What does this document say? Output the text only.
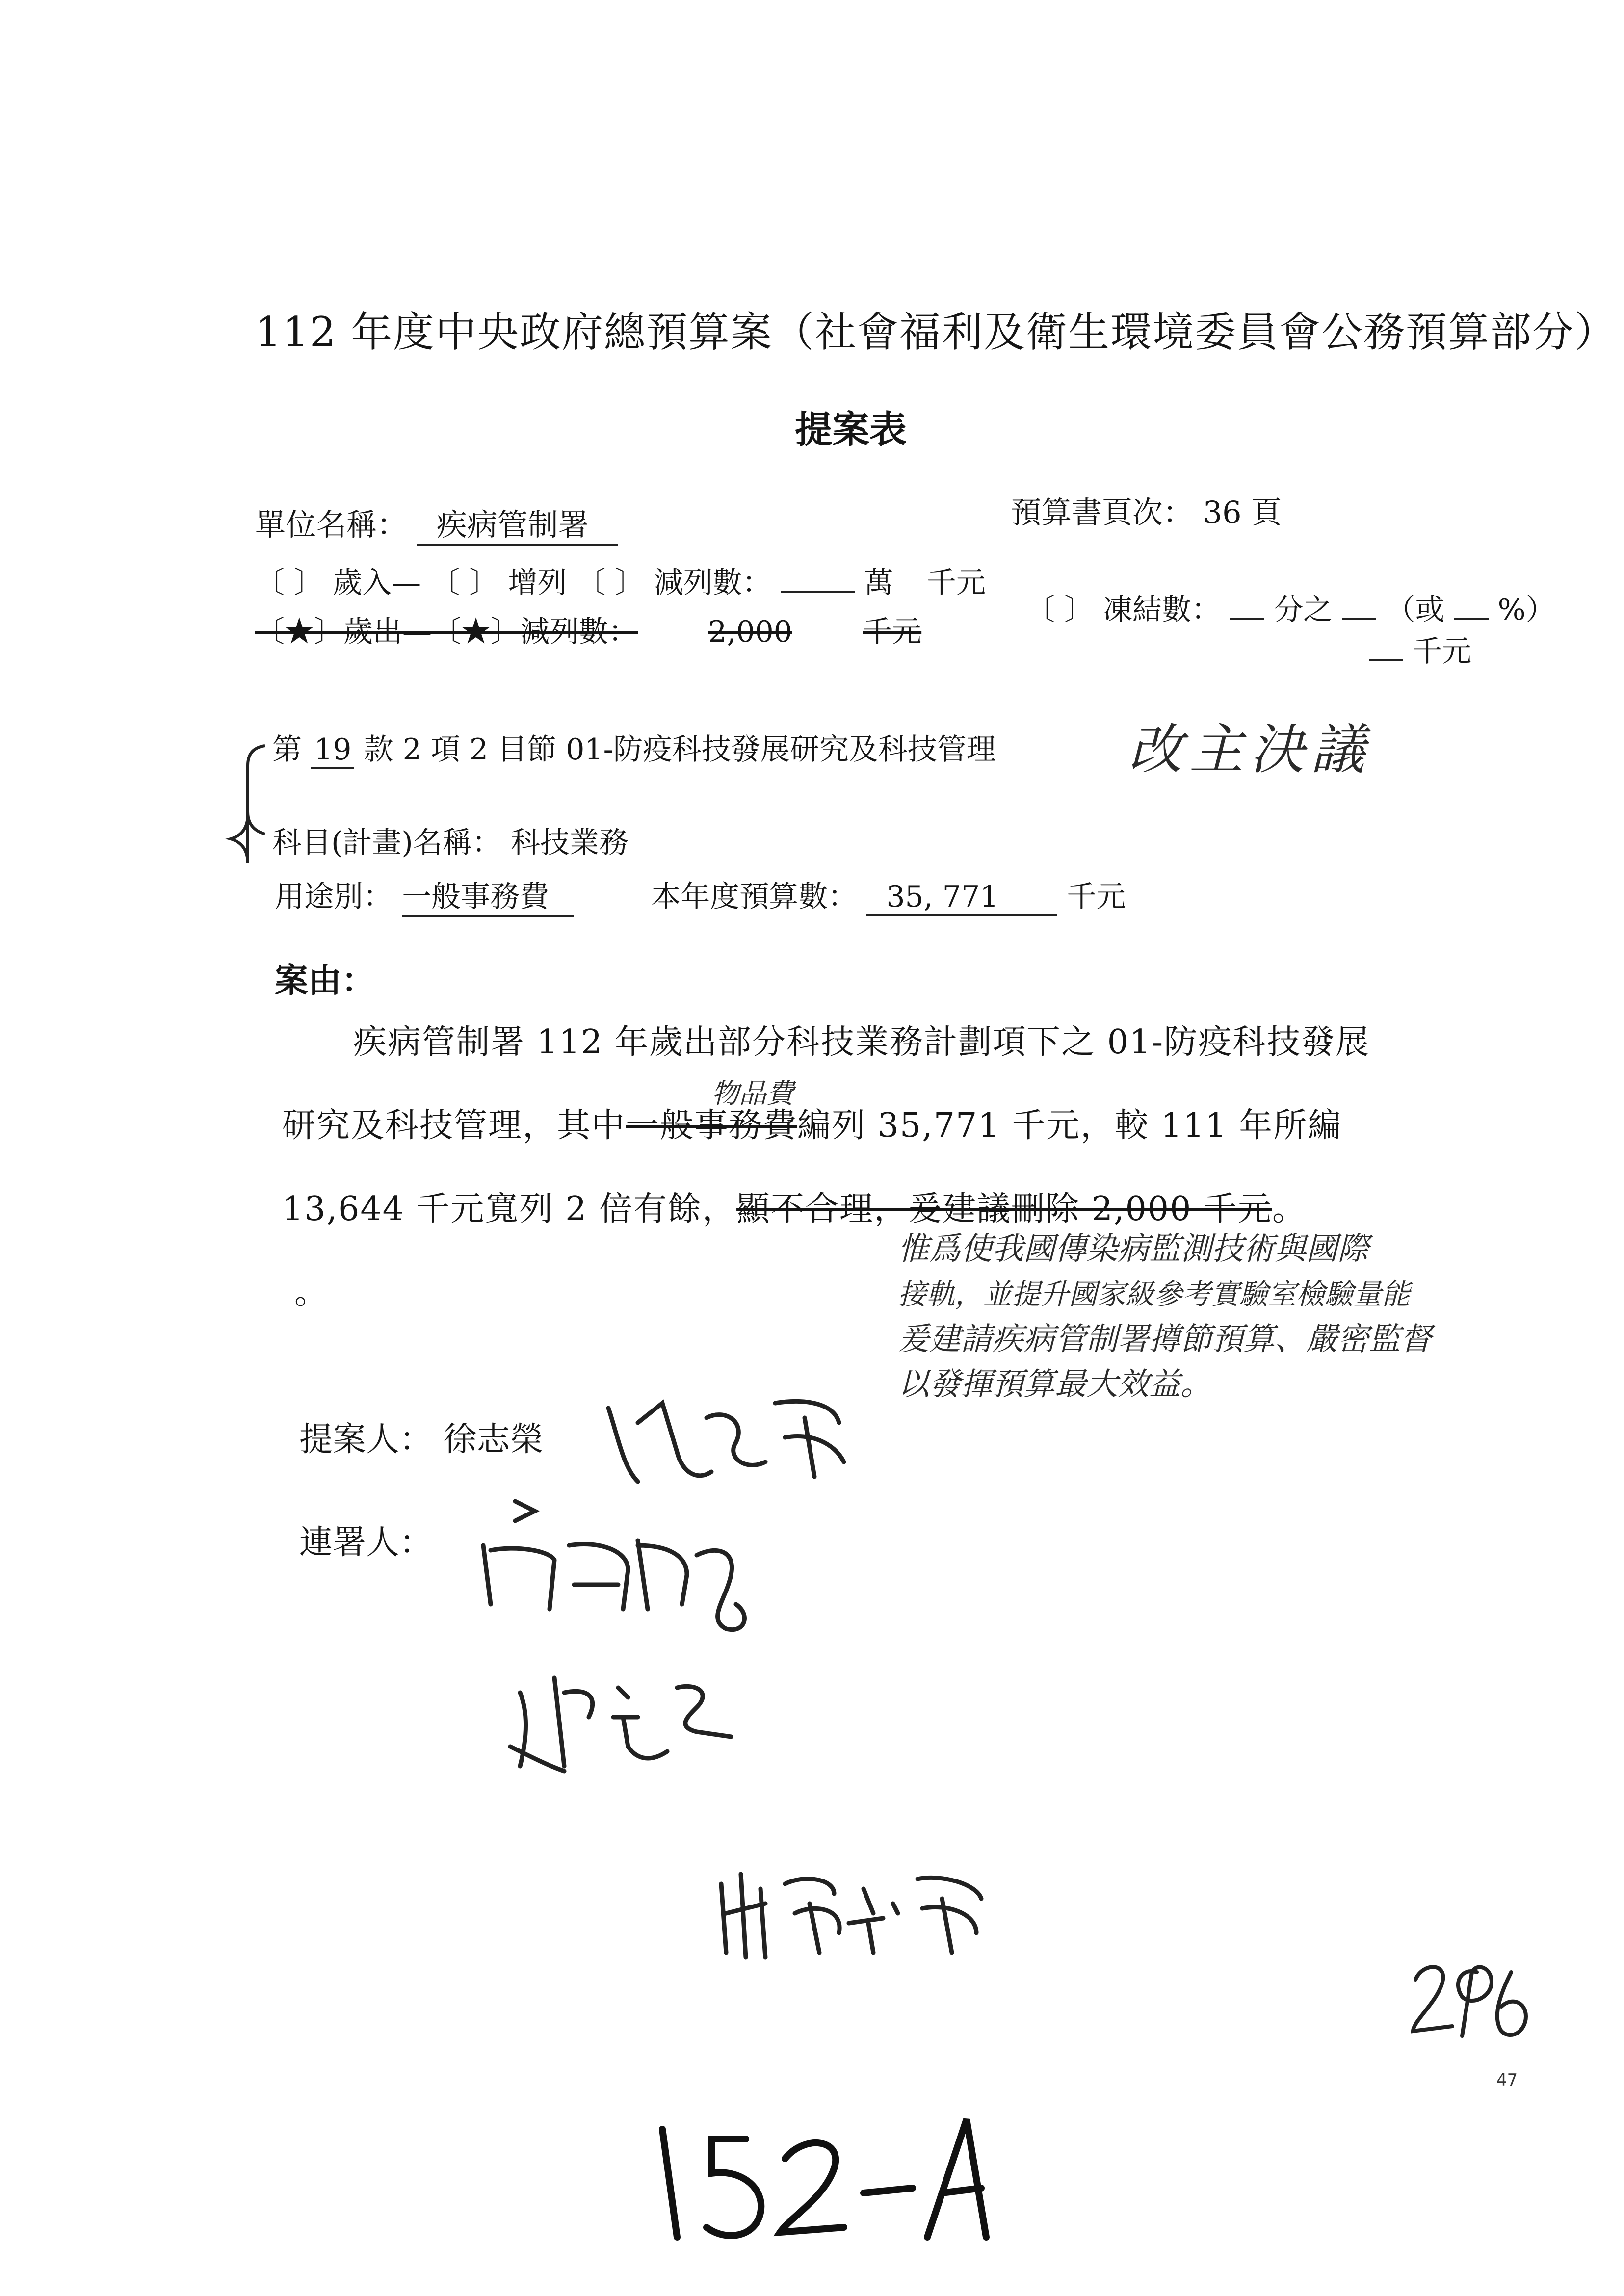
112 年度中央政府總預算案（社會福利及衛生環境委員會公務預算部分）
提案表
單位名稱： 疾病管制署	預算書頁次： 36 頁
〔 〕 歲入— 〔 〕 增列 〔 〕 減列數：	萬 千元
〔★〕歲出—〔★〕減列數： 2,000 千元
〔 〕 凍結數： 分之 （或 %）
千元
第 19 款 2 項 2 目節 01-防疫科技發展研究及科技管理 改主決議
科目(計畫)名稱： 科技業務
用途別： 一般事務費	本年度預算數： 35, 771 千元
案由：
疾病管制署 112 年歲出部分科技業務計劃項下之 01-防疫科技發展
物品費
研究及科技管理，其中一般事務費編列 35,771 千元，較 111 年所編
13,644 千元寬列 2 倍有餘，顯不合理，爰建議刪除 2,000 千元。
。
惟爲使我國傳染病監測技術與國際
接軌，並提升國家級參考實驗室檢驗量能
爰建請疾病管制署撙節預算、嚴密監督
以發揮預算最大效益。
提案人： 徐志榮
連署人：
47
